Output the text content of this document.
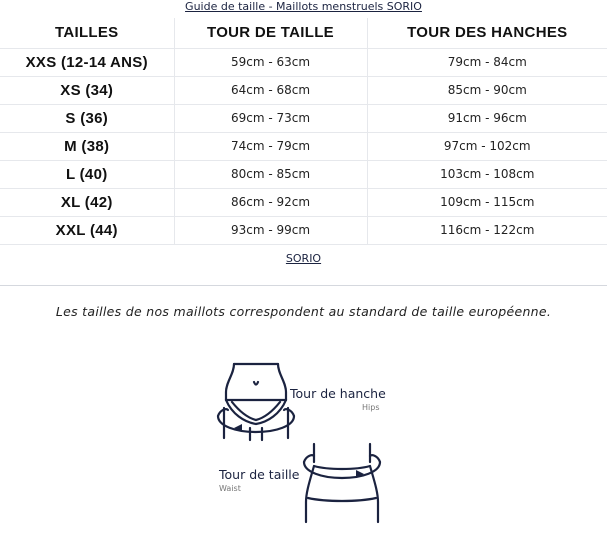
Guide de taille - Maillots menstruels SORIO
TAILLES	TOUR DE TAILLE	TOUR DES HANCHES
XXS (12-14 ANS)	59cm - 63cm	79cm - 84cm
XS (34)	64cm - 68cm	85cm - 90cm
S (36)	69cm - 73cm	91cm - 96cm
M (38)	74cm - 79cm	97cm - 102cm
L (40)	80cm - 85cm	103cm - 108cm
XL (42)	86cm - 92cm	109cm - 115cm
XXL (44)	93cm - 99cm	116cm - 122cm
SORIO
Les tailles de nos maillots correspondent au standard de taille européenne.
Tour de hanche
Hips
Tour de taille
Waist
